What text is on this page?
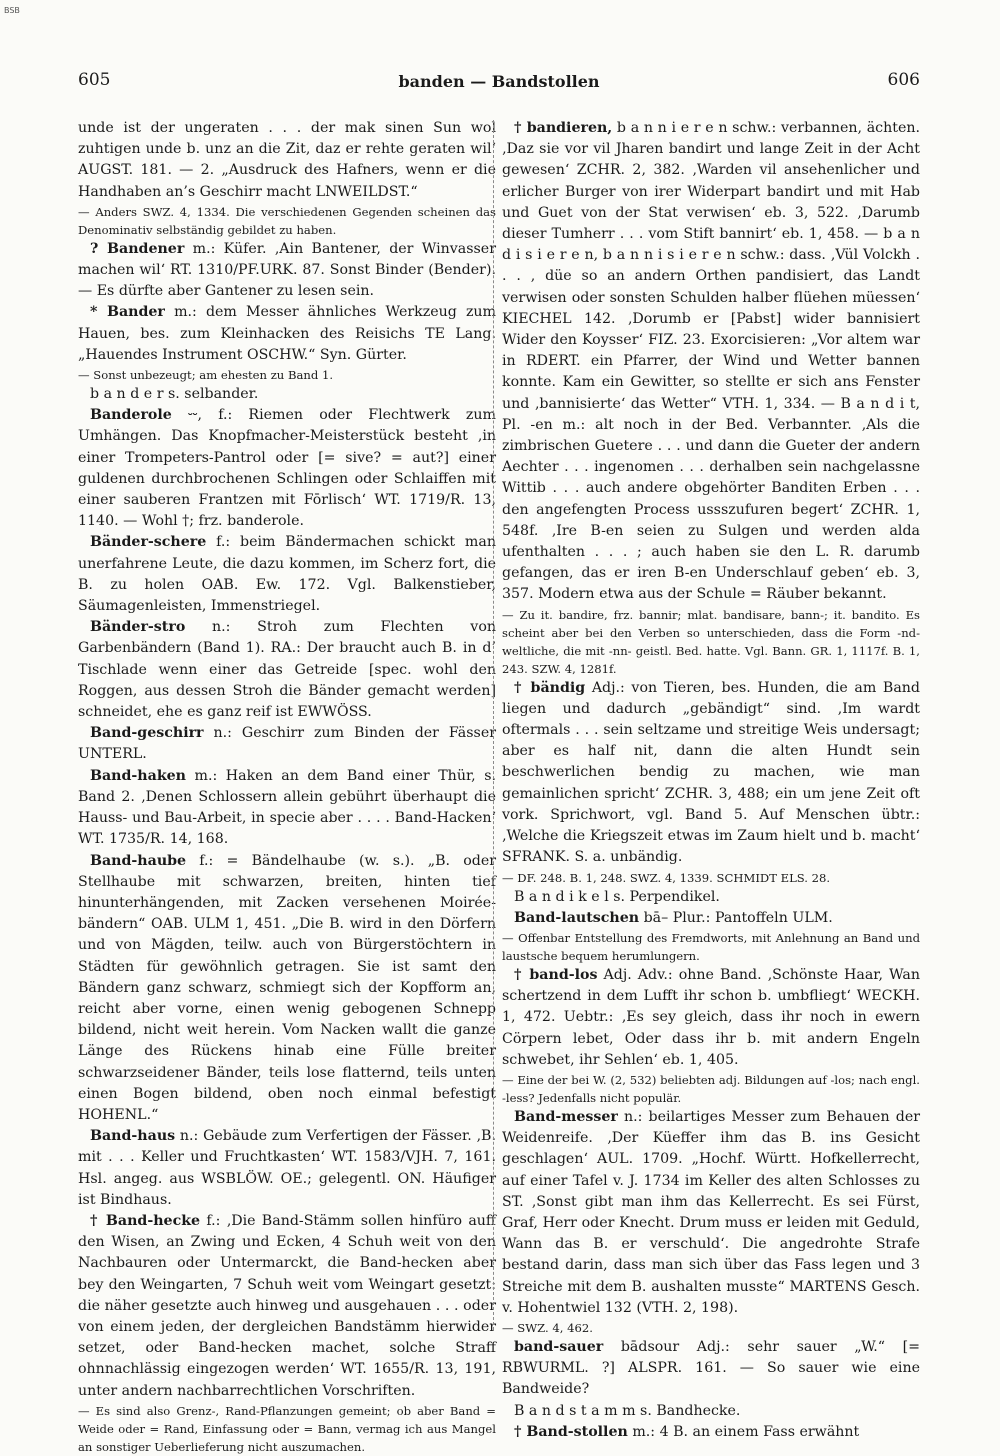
BSB
605	banden — Bandstollen	606

unde ist der ungeraten . . . der mak sinen Sun wol zuhtigen unde b. unz an die Zit, daz er rehte geraten wil‘ AUGST. 181. — 2. „Ausdruck des Hafners, wenn er die Handhaben an’s Geschirr macht LNWEILDST.“

— Anders SWZ. 4, 1334. Die verschiedenen Gegenden scheinen das Denominativ selbständig gebildet zu haben.

? Bandener m.: Küfer. ‚Ain Bantener, der Winvasser machen wil‘ RT. 1310/PF.URK. 87. Sonst Binder (Bender). — Es dürfte aber Gantener zu lesen sein.

* Bander m.: dem Messer ähnliches Werkzeug zum Hauen, bes. zum Kleinhacken des Reisichs TE Lang. „Hauendes Instrument OSCHW.“ Syn. Gürter.

— Sonst unbezeugt; am ehesten zu Band 1.

b a n d e r s. selbander.

Banderole ⏑⏑, f.: Riemen oder Flechtwerk zum Umhängen. Das Knopfmacher-Meisterstück besteht ‚in einer Trompeters-Pantrol oder [= sive? = aut?] einer guldenen durchbrochenen Schlingen oder Schlaiffen mit einer sauberen Frantzen mit Fōrlisch‘ WT. 1719/R. 13, 1140. — Wohl †; frz. banderole.

Bänder-schere f.: beim Bändermachen schickt man unerfahrene Leute, die dazu kommen, im Scherz fort, die B. zu holen OAB. Ew. 172. Vgl. Balkenstieber, Säumagenleisten, Immenstriegel.

Bänder-stro n.: Stroh zum Flechten von Garbenbändern (Band 1). RA.: Der braucht auch B. in d’ Tischlade wenn einer das Getreide [spec. wohl den Roggen, aus dessen Stroh die Bänder gemacht werden] schneidet, ehe es ganz reif ist EWWÖSS.

Band-geschirr n.: Geschirr zum Binden der Fässer UNTERL.

Band-haken m.: Haken an dem Band einer Thür, s. Band 2. ‚Denen Schlossern allein gebührt überhaupt die Hauss- und Bau-Arbeit, in specie aber . . . . Band-Hacken‘ WT. 1735/R. 14, 168.

Band-haube f.: = Bändelhaube (w. s.). „B. oder Stellhaube mit schwarzen, breiten, hinten tief hinunterhängenden, mit Zacken versehenen Moirée-bändern“ OAB. ULM 1, 451. „Die B. wird in den Dörfern und von Mägden, teilw. auch von Bürgerstöchtern in Städten für gewöhnlich getragen. Sie ist samt den Bändern ganz schwarz, schmiegt sich der Kopfform an, reicht aber vorne, einen wenig gebogenen Schnepp bildend, nicht weit herein. Vom Nacken wallt die ganze Länge des Rückens hinab eine Fülle breiter schwarzseidener Bänder, teils lose flatternd, teils unten einen Bogen bildend, oben noch einmal befestigt HOHENL.“

Band-haus n.: Gebäude zum Verfertigen der Fässer. ‚B. mit . . . Keller und Fruchtkasten‘ WT. 1583/VJH. 7, 161. Hsl. angeg. aus WSBLÖW. OE.; gelegentl. ON. Häufiger ist Bindhaus.

† Band-hecke f.: ‚Die Band-Stämm sollen hinfüro auff den Wisen, an Zwing und Ecken, 4 Schuh weit von den Nachbauren oder Untermarckt, die Band-hecken aber bey den Weingarten, 7 Schuh weit vom Weingart gesetzt: die näher gesetzte auch hinweg und ausgehauen . . . oder von einem jeden, der dergleichen Bandstämm hierwider setzet, oder Band-hecken machet, solche Straff ohnnachlässig eingezogen werden‘ WT. 1655/R. 13, 191, unter andern nachbarrechtlichen Vorschriften.

— Es sind also Grenz-, Rand-Pflanzungen gemeint; ob aber Band = Weide oder = Rand, Einfassung oder = Bann, vermag ich aus Mangel an sonstiger Ueberlieferung nicht auszumachen.

† bandieren, b a n n i e r e n schw.: verbannen, ächten. ‚Daz sie vor vil Jharen bandirt und lange Zeit in der Acht gewesen‘ ZCHR. 2, 382. ‚Warden vil ansehenlicher und erlicher Burger von irer Widerpart bandirt und mit Hab und Guet von der Stat verwisen‘ eb. 3, 522. ‚Darumb dieser Tumherr . . . vom Stift bannirt‘ eb. 1, 458. — b a n d i s i e r e n, b a n n i s i e r e n schw.: dass. ‚Vül Volckh . . . , düe so an andern Orthen pandisiert, das Landt verwisen oder sonsten Schulden halber flüehen müessen‘ KIECHEL 142. ‚Dorumb er [Pabst] wider bannisiert Wider den Koysser‘ FIZ. 23. Exorcisieren: „Vor altem war in RDERT. ein Pfarrer, der Wind und Wetter bannen konnte. Kam ein Gewitter, so stellte er sich ans Fenster und ‚bannisierte‘ das Wetter“ VTH. 1, 334. — B a n d i t, Pl. -en m.: alt noch in der Bed. Verbannter. ‚Als die zimbrischen Guetere . . . und dann die Gueter der andern Aechter . . . ingenomen . . . derhalben sein nachgelassne Wittib . . . auch andere obgehörter Banditen Erben . . . den angefengten Process ussszufuren begert‘ ZCHR. 1, 548f. ‚Ire B-en seien zu Sulgen und werden alda ufenthalten . . . ; auch haben sie den L. R. darumb gefangen, das er iren B-en Underschlauf geben‘ eb. 3, 357. Modern etwa aus der Schule = Räuber bekannt.

— Zu it. bandire, frz. bannir; mlat. bandisare, bann-; it. bandito. Es scheint aber bei den Verben so unterschieden, dass die Form -nd- weltliche, die mit -nn- geistl. Bed. hatte. Vgl. Bann. GR. 1, 1117f. B. 1, 243. SZW. 4, 1281f.

† bändig Adj.: von Tieren, bes. Hunden, die am Band liegen und dadurch „gebändigt“ sind. ‚Im wardt oftermals . . . sein seltzame und streitige Weis undersagt; aber es half nit, dann die alten Hundt sein beschwerlichen bendig zu machen, wie man gemainlichen spricht‘ ZCHR. 3, 488; ein um jene Zeit oft vork. Sprichwort, vgl. Band 5. Auf Menschen übtr.: ‚Welche die Kriegszeit etwas im Zaum hielt und b. macht‘ SFRANK. S. a. unbändig.

— DF. 248. B. 1, 248. SWZ. 4, 1339. SCHMIDT ELS. 28.

B a n d i k e l s. Perpendikel.

Band-lautschen bā– Plur.: Pantoffeln ULM.

— Offenbar Entstellung des Fremdworts, mit Anlehnung an Band und laustsche bequem herumlungern.

† band-los Adj. Adv.: ohne Band. ‚Schönste Haar, Wan schertzend in dem Lufft ihr schon b. umbfliegt‘ WECKH. 1, 472. Uebtr.: ‚Es sey gleich, dass ihr noch in ewern Cörpern lebet, Oder dass ihr b. mit andern Engeln schwebet, ihr Sehlen‘ eb. 1, 405.

— Eine der bei W. (2, 532) beliebten adj. Bildungen auf -los; nach engl. -less? Jedenfalls nicht populär.

Band-messer n.: beilartiges Messer zum Behauen der Weidenreife. ‚Der Küeffer ihm das B. ins Gesicht geschlagen‘ AUL. 1709. „Hochf. Württ. Hofkellerrecht, auf einer Tafel v. J. 1734 im Keller des alten Schlosses zu ST. ‚Sonst gibt man ihm das Kellerrecht. Es sei Fürst, Graf, Herr oder Knecht. Drum muss er leiden mit Geduld, Wann das B. er verschuld‘. Die angedrohte Strafe bestand darin, dass man sich über das Fass legen und 3 Streiche mit dem B. aushalten musste“ MARTENS Gesch. v. Hohentwiel 132 (VTH. 2, 198).

— SWZ. 4, 462.

band-sauer bādsour Adj.: sehr sauer „W.“ [= RBWURML. ?] ALSPR. 161. — So sauer wie eine Bandweide?

B a n d s t a m m s. Bandhecke.

† Band-stollen m.: 4 B. an einem Fass erwähnt
